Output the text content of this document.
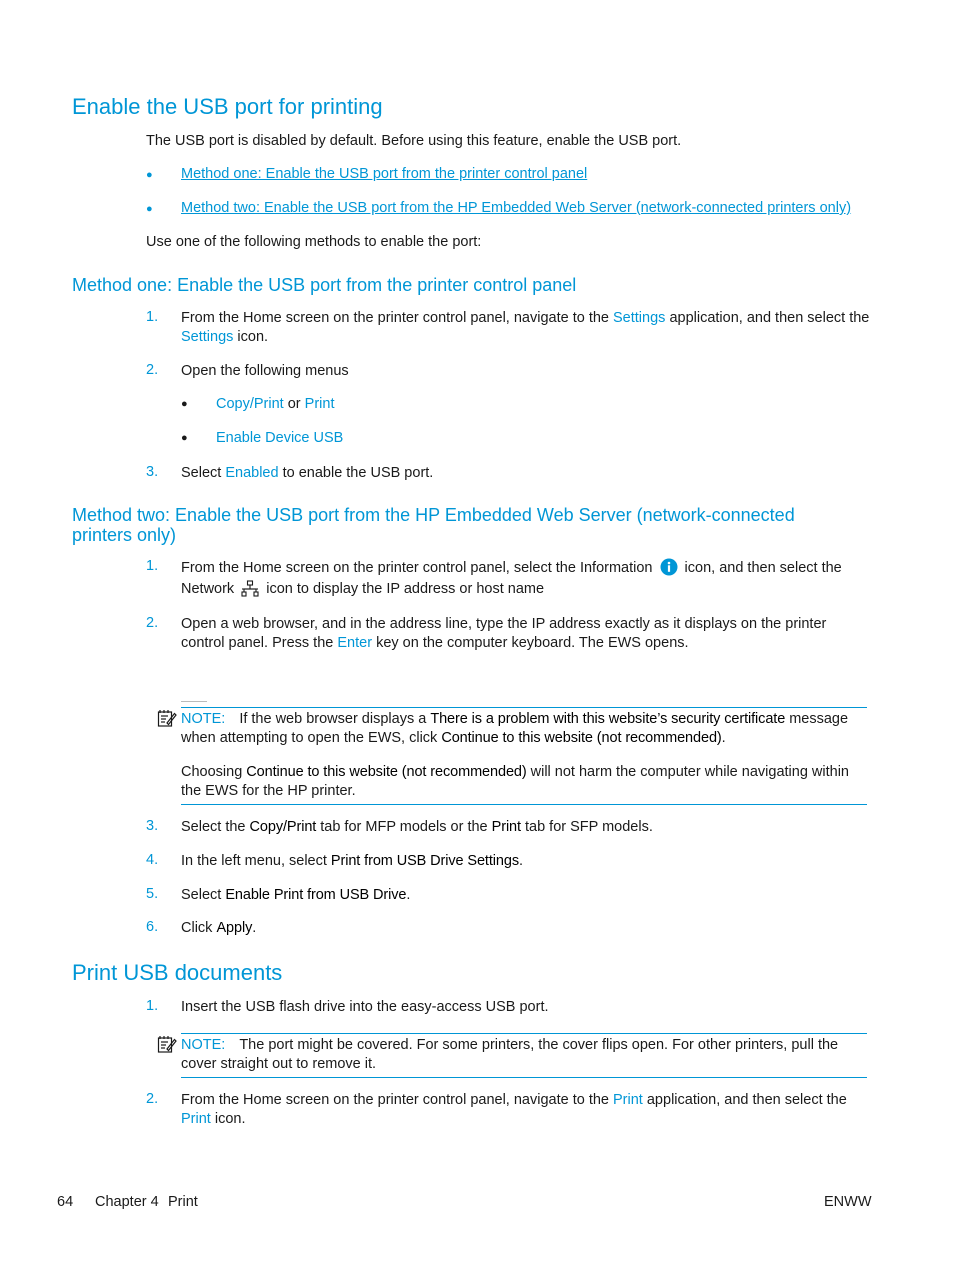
Enable the USB port for printing

The USB port is disabled by default. Before using this feature, enable the USB port.

● Method one: Enable the USB port from the printer control panel
● Method two: Enable the USB port from the HP Embedded Web Server (network-connected printers only)

Use one of the following methods to enable the port:

Method one: Enable the USB port from the printer control panel
1. From the Home screen on the printer control panel, navigate to the Settings application, and then select the Settings icon.
2. Open the following menus
● Copy/Print or Print
● Enable Device USB
3. Select Enabled to enable the USB port.
Method two: Enable the USB port from the HP Embedded Web Server (network-connected printers only)
1. From the Home screen on the printer control panel, select the Information icon, and then select the
Network icon to display the IP address or host name
2. Open a web browser, and in the address line, type the IP address exactly as it displays on the printer control panel. Press the Enter key on the computer keyboard. The EWS opens.
NOTE: If the web browser displays a There is a problem with this website’s security certificate message when attempting to open the EWS, click Continue to this website (not recommended).
Choosing Continue to this website (not recommended) will not harm the computer while navigating within the EWS for the HP printer.
3. Select the Copy/Print tab for MFP models or the Print tab for SFP models.
4. In the left menu, select Print from USB Drive Settings.
5. Select Enable Print from USB Drive.
6. Click Apply.
Print USB documents
1. Insert the USB flash drive into the easy-access USB port.
NOTE: The port might be covered. For some printers, the cover flips open. For other printers, pull the cover straight out to remove it.
2. From the Home screen on the printer control panel, navigate to the Print application, and then select the Print icon.
64 Chapter 4 Print	ENWW
